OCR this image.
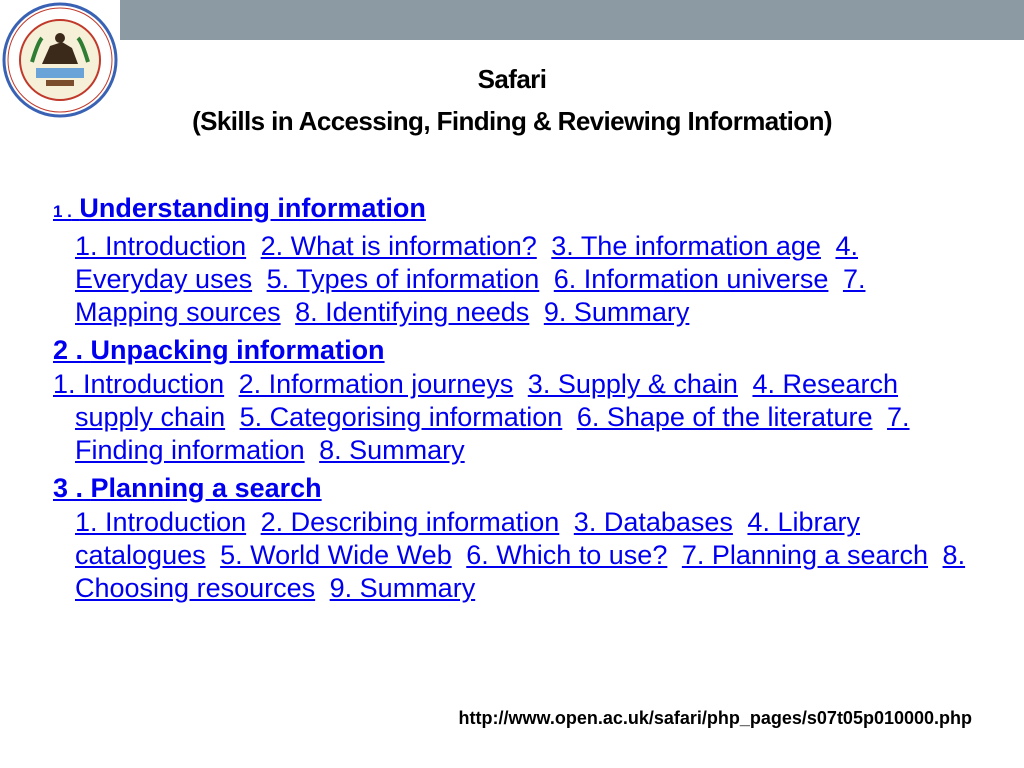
Safari
(Skills in Accessing, Finding & Reviewing Information)

1 . Understanding information

1. Introduction 2. What is information? 3. The information age 4. Everyday uses 5. Types of information 6. Information universe 7. Mapping sources 8. Identifying needs 9. Summary

2 . Unpacking information

1. Introduction 2. Information journeys 3. Supply & chain 4. Research supply chain 5. Categorising information 6. Shape of the literature 7. Finding information 8. Summary

3 . Planning a search

1. Introduction 2. Describing information 3. Databases 4. Library catalogues 5. World Wide Web 6. Which to use? 7. Planning a search 8. Choosing resources 9. Summary

http://www.open.ac.uk/safari/php_pages/s07t05p010000.php
